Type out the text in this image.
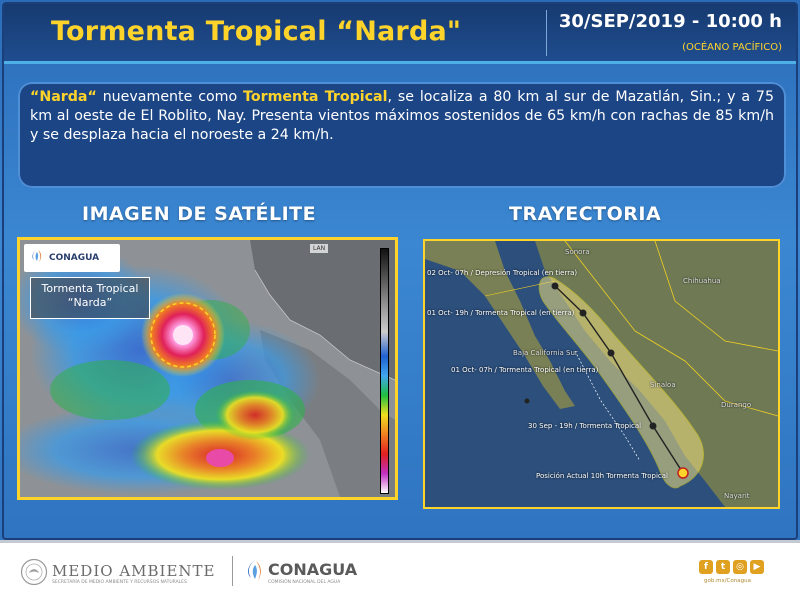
Tormenta Tropical “Narda"	30/SEP/2019 - 10:00 h
(OCÉANO PACÍFICO)

“Narda“ nuevamente como Tormenta Tropical, se localiza a 80 km al sur de Mazatlán, Sin.; y a 75 km al oeste de El Roblito, Nay. Presenta vientos máximos sostenidos de 65 km/h con rachas de 85 km/h y se desplaza hacia el noroeste a 24 km/h.

IMAGEN DE SATÉLITE	TRAYECTORIA
CONAGUA
LAN
Tormenta Tropical
“Narda”
02 Oct- 07h / Depresión Tropical (en tierra)
01 Oct- 19h / Tormenta Tropical (en tierra)
01 Oct- 07h / Tormenta Tropical (en tierra)
30 Sep - 19h / Tormenta Tropical
Posición Actual 10h Tormenta Tropical
Sonora
Chihuahua
Baja California Sur
Sinaloa
Durango
Nayarit
MEDIO AMBIENTE
SECRETARÍA DE MEDIO AMBIENTE Y RECURSOS NATURALES
CONAGUA
COMISIÓN NACIONAL DEL AGUA
f	t	◎	▶
gob.mx/Conagua
